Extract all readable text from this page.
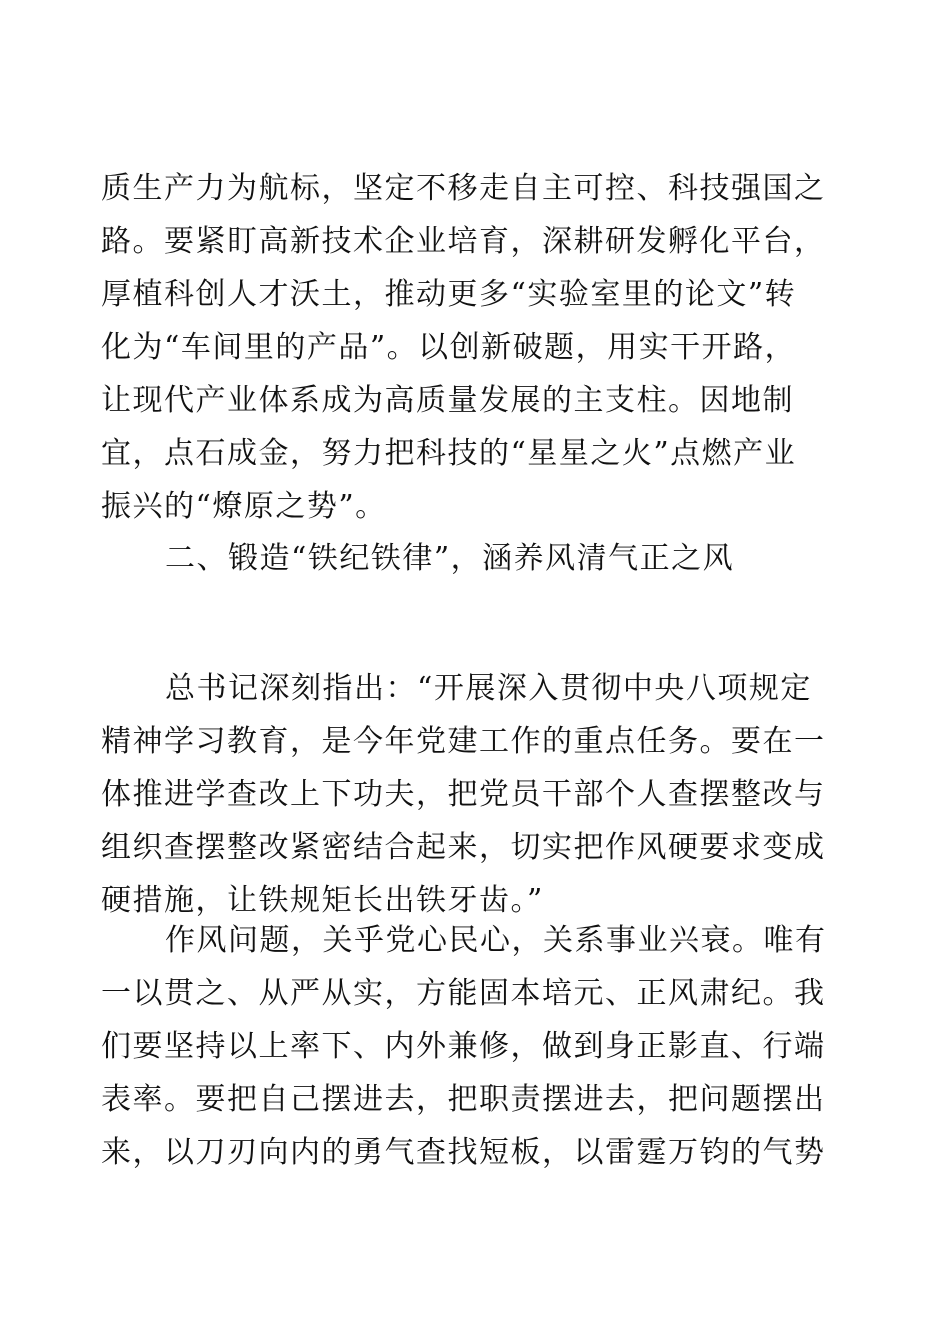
质生产力为航标，坚定不移走自主可控、科技强国之
路。要紧盯高新技术企业培育，深耕研发孵化平台，
厚植科创人才沃土，推动更多“实验室里的论文”转
化为“车间里的产品”。以创新破题，用实干开路，
让现代产业体系成为高质量发展的主支柱。因地制
宜，点石成金，努力把科技的“星星之火”点燃产业
振兴的“燎原之势”。
二、锻造“铁纪铁律”，涵养风清气正之风
总书记深刻指出：“开展深入贯彻中央八项规定
精神学习教育，是今年党建工作的重点任务。要在一
体推进学查改上下功夫，把党员干部个人查摆整改与
组织查摆整改紧密结合起来，切实把作风硬要求变成
硬措施，让铁规矩长出铁牙齿。”
作风问题，关乎党心民心，关系事业兴衰。唯有
一以贯之、从严从实，方能固本培元、正风肃纪。我
们要坚持以上率下、内外兼修，做到身正影直、行端
表率。要把自己摆进去，把职责摆进去，把问题摆出
来，以刀刃向内的勇气查找短板，以雷霆万钧的气势
